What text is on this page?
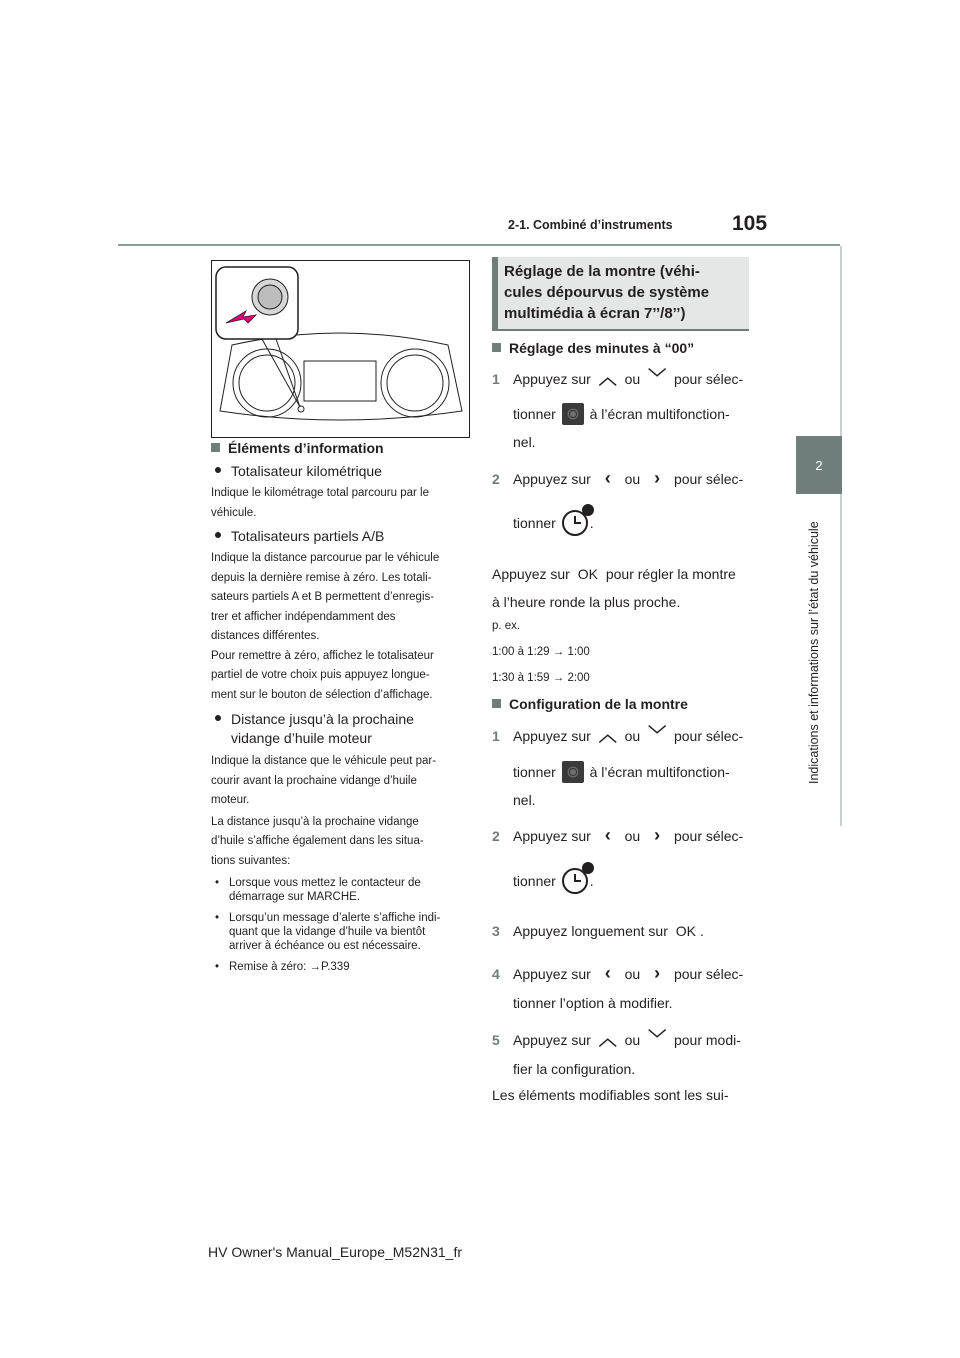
2-1. Combiné d’instruments	105
2
Indications et informations sur l’état du véhicule
Éléments d’information
Totalisateur kilométrique
Indique le kilométrage total parcouru par le
véhicule.
Totalisateurs partiels A/B
Indique la distance parcourue par le véhicule
depuis la dernière remise à zéro. Les totali-
sateurs partiels A et B permettent d’enregis-
trer et afficher indépendamment des
distances différentes.
Pour remettre à zéro, affichez le totalisateur
partiel de votre choix puis appuyez longue-
ment sur le bouton de sélection d’affichage.
Distance jusqu’à la prochaine
vidange d’huile moteur
Indique la distance que le véhicule peut par-
courir avant la prochaine vidange d’huile
moteur.
La distance jusqu’à la prochaine vidange
d’huile s’affiche également dans les situa-
tions suivantes:
• Lorsque vous mettez le contacteur de
démarrage sur MARCHE.
• Lorsqu’un message d’alerte s’affiche indi-
quant que la vidange d’huile va bientôt
arriver à échéance ou est nécessaire.
• Remise à zéro: →P.339
Réglage de la montre (véhi-
cules dépourvus de système
multimédia à écran 7’’/8’’)
Réglage des minutes à “00”
1 Appuyez sur ︿ ou ﹀ pour sélec-
tionner à l’écran multifonction-
nel.
2 Appuyez sur ‹ ou › pour sélec-
tionner .
Appuyez sur OK pour régler la montre
à l’heure ronde la plus proche.
p. ex.
1:00 à 1:29 → 1:00
1:30 à 1:59 → 2:00
Configuration de la montre
1 Appuyez sur ︿ ou ﹀ pour sélec-
tionner à l’écran multifonction-
nel.
2 Appuyez sur ‹ ou › pour sélec-
tionner .
3 Appuyez longuement sur OK .
4 Appuyez sur ‹ ou › pour sélec-
tionner l’option à modifier.
5 Appuyez sur ︿ ou ﹀ pour modi-
fier la configuration.
Les éléments modifiables sont les sui-
HV Owner's Manual_Europe_M52N31_fr
